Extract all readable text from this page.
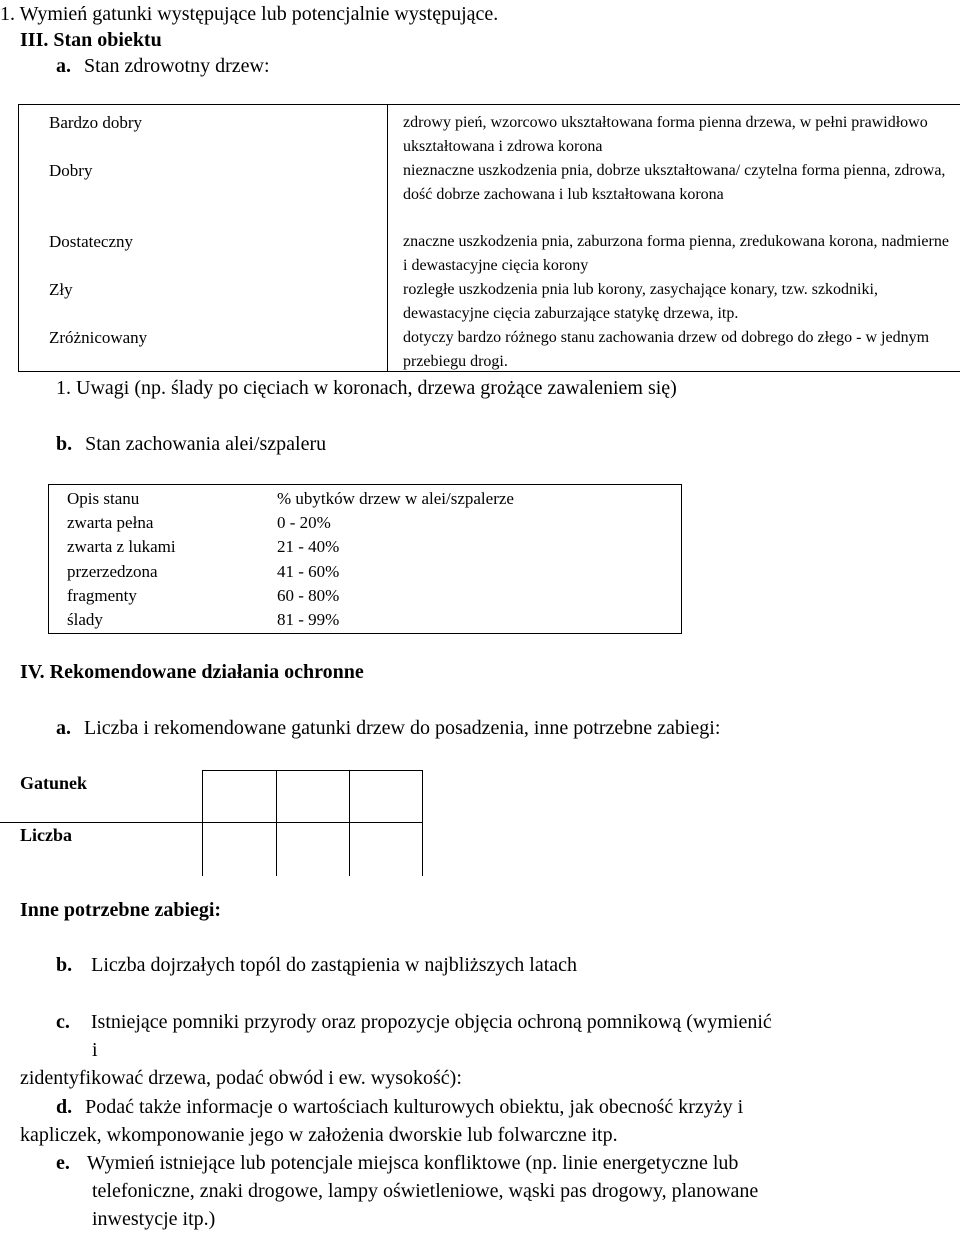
1. Wymień gatunki występujące lub potencjalnie występujące.
III. Stan obiektu
a. Stan zdrowotny drzew:
Bardzo dobry	zdrowy pień, wzorcowo ukształtowana forma pienna drzewa, w pełni prawidłowo ukształtowana i zdrowa korona
Dobry	nieznaczne uszkodzenia pnia, dobrze ukształtowana/ czytelna forma pienna, zdrowa, dość dobrze zachowana i lub kształtowana korona
Dostateczny	znaczne uszkodzenia pnia, zaburzona forma pienna, zredukowana korona, nadmierne i dewastacyjne cięcia korony
Zły	rozległe uszkodzenia pnia lub korony, zasychające konary, tzw. szkodniki, dewastacyjne cięcia zaburzające statykę drzewa, itp.
Zróżnicowany	dotyczy bardzo różnego stanu zachowania drzew od dobrego do złego - w jednym przebiegu drogi.
1. Uwagi (np. ślady po cięciach w koronach, drzewa grożące zawaleniem się)
b. Stan zachowania alei/szpaleru
Opis stanu	% ubytków drzew w alei/szpalerze
zwarta pełna	0 - 20%
zwarta z lukami	21 - 40%
przerzedzona	41 - 60%
fragmenty	60 - 80%
ślady	81 - 99%
IV. Rekomendowane działania ochronne
a. Liczba i rekomendowane gatunki drzew do posadzenia, inne potrzebne zabiegi:
Gatunek
Liczba
Inne potrzebne zabiegi:
b. Liczba dojrzałych topól do zastąpienia w najbliższych latach
c. Istniejące pomniki przyrody oraz propozycje objęcia ochroną pomnikową (wymienić
i
zidentyfikować drzewa, podać obwód i ew. wysokość):
d. Podać także informacje o wartościach kulturowych obiektu, jak obecność krzyży i
kapliczek, wkomponowanie jego w założenia dworskie lub folwarczne itp.
e. Wymień istniejące lub potencjale miejsca konfliktowe (np. linie energetyczne lub
telefoniczne, znaki drogowe, lampy oświetleniowe, wąski pas drogowy, planowane
inwestycje itp.)
